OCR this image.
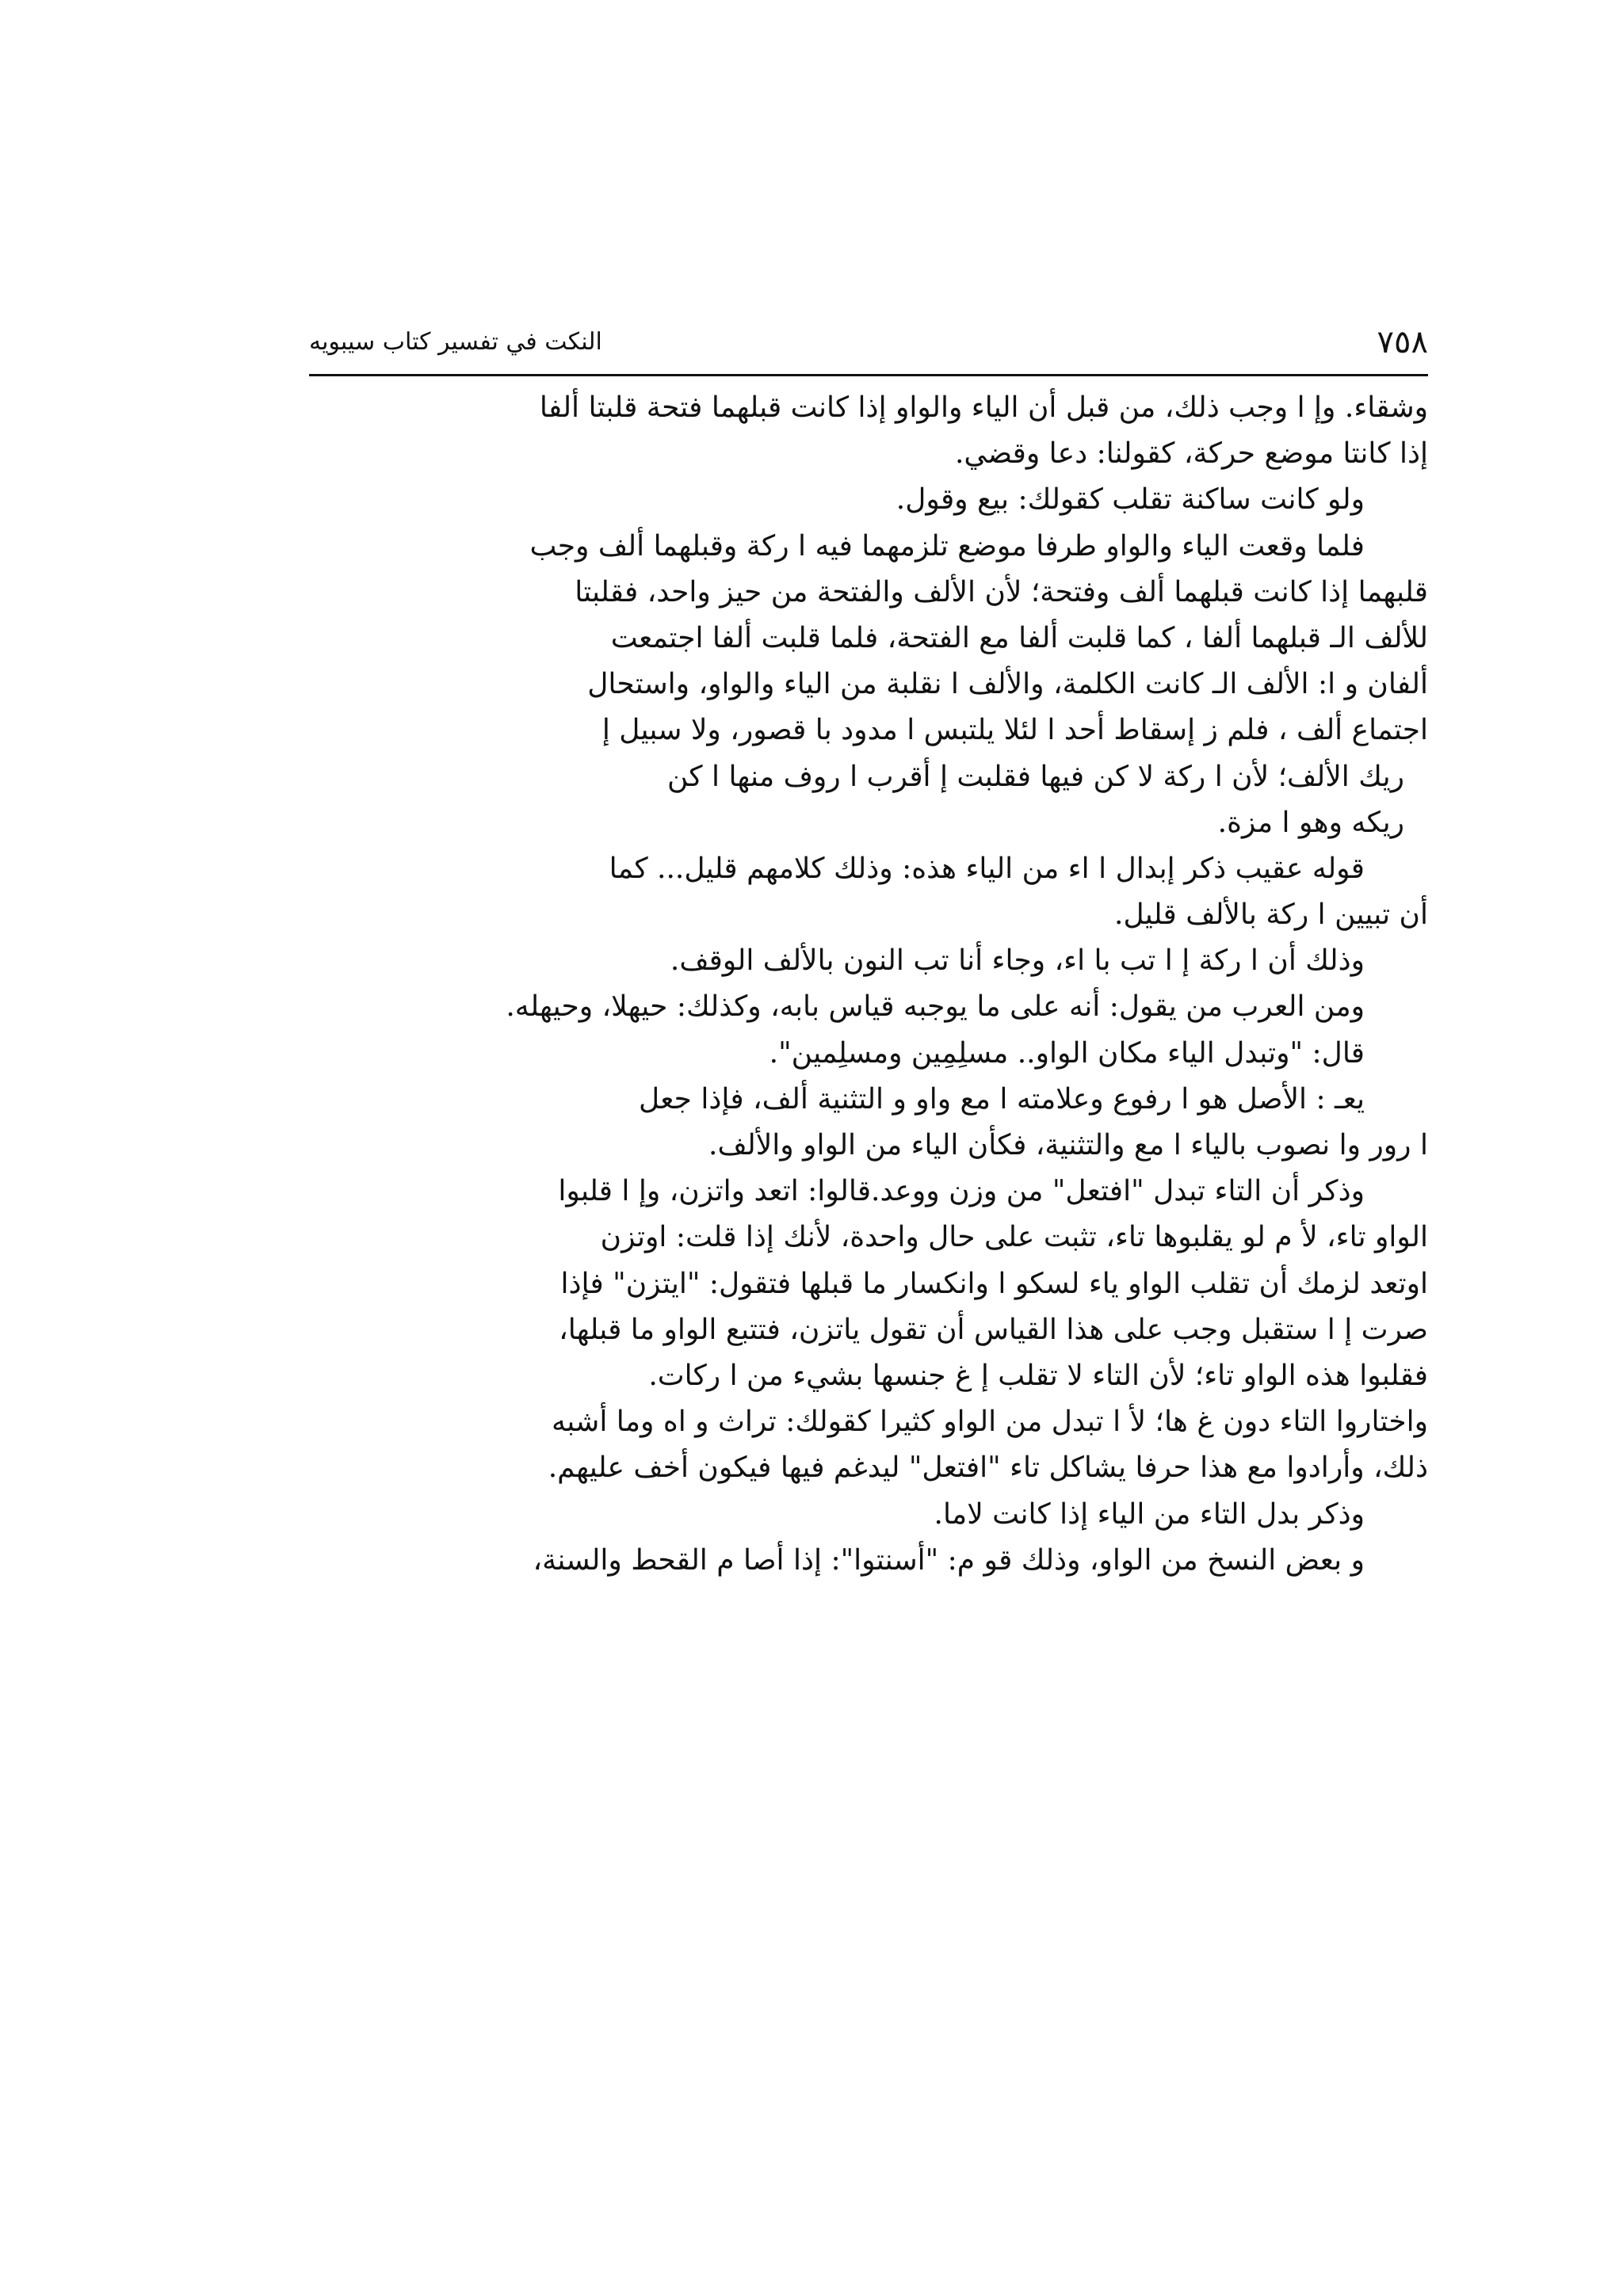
٧٥٨
النكت في تفسير كتاب سيبويه
وشقاء. وإ ا وجب ذلك، من قبل أن الياء والواو إذا كانت قبلهما فتحة قلبتا ألفا
إذا كانتا موضع حركة، كقولنا: دعا وقضي.
ولو كانت ساكنة تقلب كقولك: بيع وقول.
فلما وقعت الياء والواو طرفا موضع تلزمهما فيه ا ركة وقبلهما ألف وجب
قلبهما إذا كانت قبلهما ألف وفتحة؛ لأن الألف والفتحة من حيز واحد، فقلبتا
للألف الـ قبلهما ألفا ، كما قلبت ألفا مع الفتحة، فلما قلبت ألفا اجتمعت
ألفان و ا: الألف الـ كانت الكلمة، والألف ا نقلبة من الياء والواو، واستحال
اجتماع ألف ، فلم ز إسقاط أحد ا لئلا يلتبس ا مدود با قصور، ولا سبيل إ
ريك الألف؛ لأن ا ركة لا كن فيها فقلبت إ أقرب ا روف منها ا كن
ريكه وهو ا مزة.
قوله عقيب ذكر إبدال ا اء من الياء هذه: وذلك كلامهم قليل... كما
أن تبيين ا ركة بالألف قليل.
وذلك أن ا ركة إ ا تب با اء، وجاء أنا تب النون بالألف الوقف.
ومن العرب من يقول: أنه على ما يوجبه قياس بابه، وكذلك: حيهلا، وحيهله.
قال: "وتبدل الياء مكان الواو.. مسلِمِين ومسلِمين".
يعـ : الأصل هو ا رفوع وعلامته ا مع واو و التثنية ألف، فإذا جعل
ا رور وا نصوب بالياء ا مع والتثنية، فكأن الياء من الواو والألف.
وذكر أن التاء تبدل "افتعل" من وزن ووعد.قالوا: اتعد واتزن، وإ ا قلبوا
الواو تاء، لأ م لو يقلبوها تاء، تثبت على حال واحدة، لأنك إذا قلت: اوتزن
اوتعد لزمك أن تقلب الواو ياء لسكو ا وانكسار ما قبلها فتقول: "ايتزن" فإذا
صرت إ ا ستقبل وجب على هذا القياس أن تقول ياتزن، فتتبع الواو ما قبلها،
فقلبوا هذه الواو تاء؛ لأن التاء لا تقلب إ غ جنسها بشيء من ا ركات.
واختاروا التاء دون غ ها؛ لأ ا تبدل من الواو كثيرا كقولك: تراث و اه وما أشبه
ذلك، وأرادوا مع هذا حرفا يشاكل تاء "افتعل" ليدغم فيها فيكون أخف عليهم.
وذكر بدل التاء من الياء إذا كانت لاما.
و بعض النسخ من الواو، وذلك قو م: "أسنتوا": إذا أصا م القحط والسنة،
